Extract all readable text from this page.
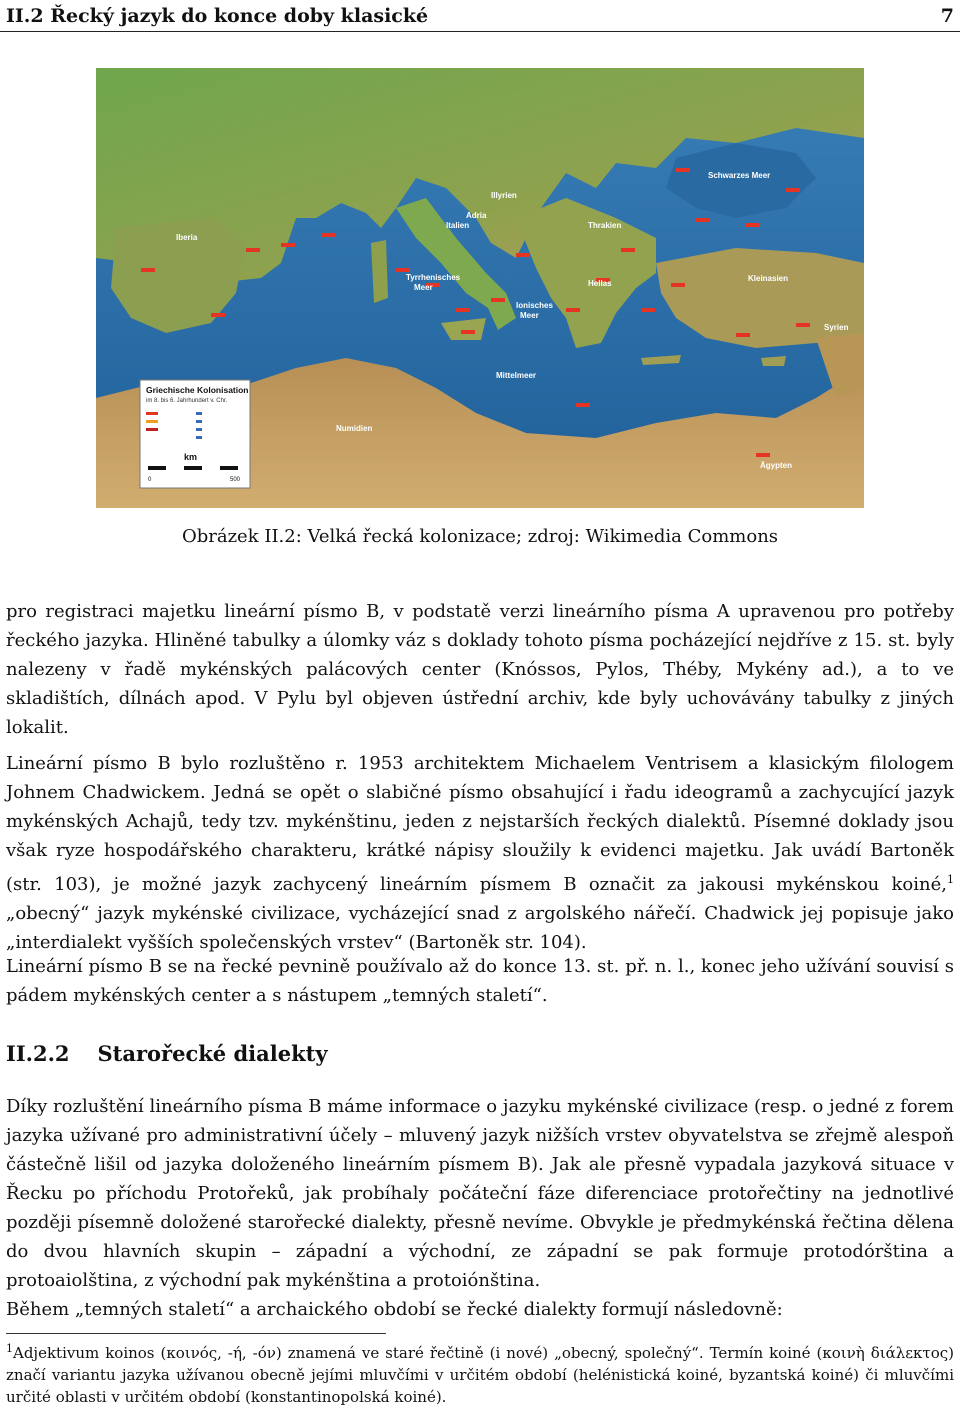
II.2 Řecký jazyk do konce doby klasické	7
Iberia
Tyrrhenisches
Meer
Ionisches
Meer
Mittelmeer
Hellas
Thrakien
Illyrien
Schwarzes Meer
Kleinasien
Syrien
Ägypten
Numidien
Italien
Adria
Griechische Kolonisation
im 8. bis 6. Jahrhundert v. Chr.
km
0	500
Obrázek II.2: Velká řecká kolonizace; zdroj: Wikimedia Commons

pro registraci majetku lineární písmo B, v podstatě verzi lineárního písma A upravenou pro potřeby řeckého jazyka. Hliněné tabulky a úlomky váz s doklady tohoto písma pocházející nejdříve z 15. st. byly nalezeny v řadě mykénských palácových center (Knóssos, Pylos, Théby, Mykény ad.), a to ve skladištích, dílnách apod. V Pylu byl objeven ústřední archiv, kde byly uchovávány tabulky z jiných lokalit.

Lineární písmo B bylo rozluštěno r. 1953 architektem Michaelem Ventrisem a klasickým filologem Johnem Chadwickem. Jedná se opět o slabičné písmo obsahující i řadu ideogramů a zachycující jazyk mykénských Achajů, tedy tzv. mykénštinu, jeden z nejstarších řeckých dialektů. Písemné doklady jsou však ryze hospodářského charakteru, krátké nápisy sloužily k evidenci majetku. Jak uvádí Bartoněk (str. 103), je možné jazyk zachycený lineárním písmem B označit za jakousi mykénskou koiné,$^1$ „obecný“ jazyk mykénské civilizace, vycházející snad z argolského nářečí. Chadwick jej popisuje jako „interdialekt vyšších společenských vrstev“ (Bartoněk str. 104).

Lineární písmo B se na řecké pevnině používalo až do konce 13. st. př. n. l., konec jeho užívání souvisí s pádem mykénských center a s nástupem „temných staletí“.

II.2.2 Starořecké dialekty

Díky rozluštění lineárního písma B máme informace o jazyku mykénské civilizace (resp. o jedné z forem jazyka užívané pro administrativní účely – mluvený jazyk nižších vrstev obyvatelstva se zřejmě alespoň částečně lišil od jazyka doloženého lineárním písmem B). Jak ale přesně vypadala jazyková situace v Řecku po příchodu Protořeků, jak probíhaly počáteční fáze diferenciace protořečtiny na jednotlivé později písemně doložené starořecké dialekty, přesně nevíme. Obvykle je předmykénská řečtina dělena do dvou hlavních skupin – západní a východní, ze západní se pak formuje protodórština a protoaiolština, z východní pak mykénština a protoiónština.

Během „temných staletí“ a archaického období se řecké dialekty formují následovně:

$^1$Adjektivum koinos (κοινός, -ή, -όν) znamená ve staré řečtině (i nové) „obecný, společný“. Termín koiné (κοινὴ διάλεκτος) značí variantu jazyka užívanou obecně jejími mluvčími v určitém období (helénistická koiné, byzantská koiné) či mluvčími určité oblasti v určitém období (konstantinopolská koiné).
